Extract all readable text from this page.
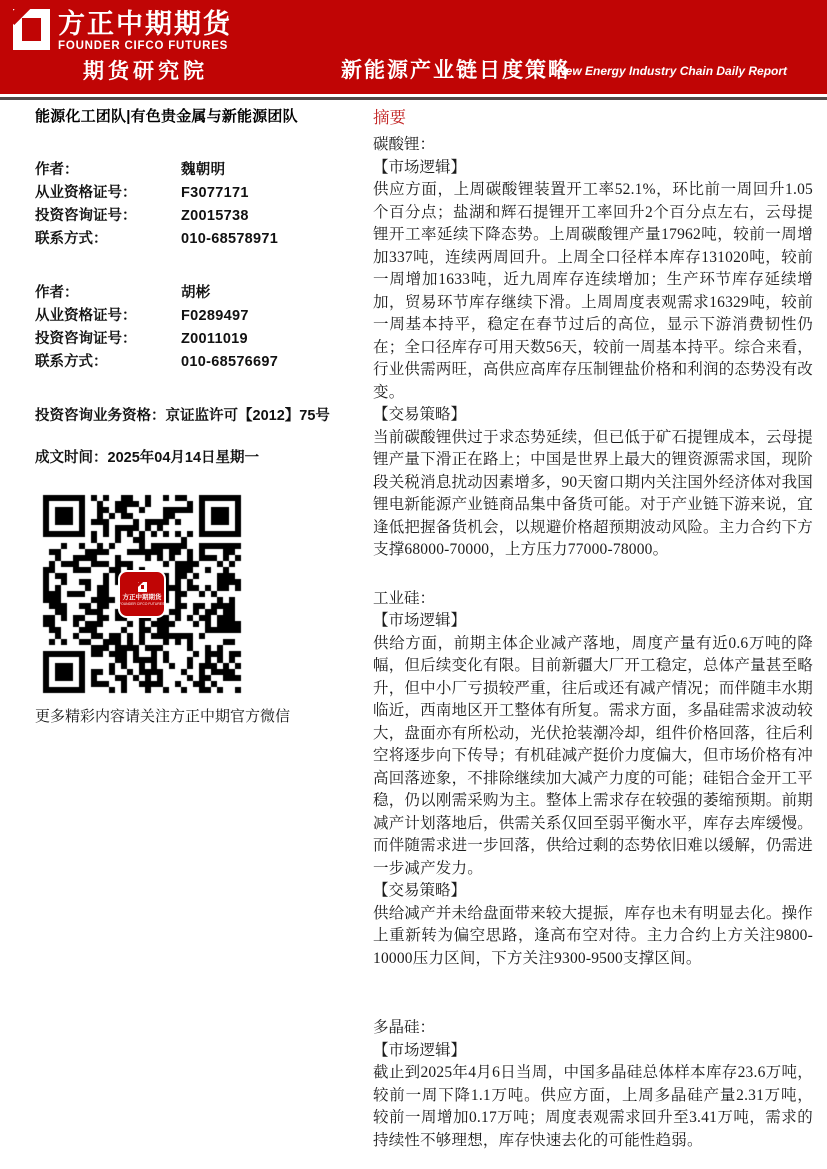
方正中期期货
FOUNDER CIFCO FUTURES
期货研究院	新能源产业链日度策略
New Energy Industry Chain Daily Report
能源化工团队|有色贵金属与新能源团队
作者：	魏朝明
从业资格证号：	F3077171
投资咨询证号：	Z0015738
联系方式：	010-68578971
作者：	胡彬
从业资格证号：	F0289497
投资咨询证号：	Z0011019
联系方式：	010-68576697
投资咨询业务资格：京证监许可【2012】75号
成文时间：2025年04月14日星期一
方正中期期货
FOUNDER CIFCO FUTURES
更多精彩内容请关注方正中期官方微信
摘要
碳酸锂：
【市场逻辑】
供应方面，上周碳酸锂装置开工率52.1%，环比前一周回升1.05个百分点；盐湖和辉石提锂开工率回升2个百分点左右，云母提锂开工率延续下降态势。上周碳酸锂产量17962吨，较前一周增加337吨，连续两周回升。上周全口径样本库存131020吨，较前一周增加1633吨，近九周库存连续增加；生产环节库存延续增加，贸易环节库存继续下滑。上周周度表观需求16329吨，较前一周基本持平，稳定在春节过后的高位，显示下游消费韧性仍在；全口径库存可用天数56天，较前一周基本持平。综合来看，行业供需两旺，高供应高库存压制锂盐价格和利润的态势没有改变。
【交易策略】
当前碳酸锂供过于求态势延续，但已低于矿石提锂成本，云母提锂产量下滑正在路上；中国是世界上最大的锂资源需求国，现阶段关税消息扰动因素增多，90天窗口期内关注国外经济体对我国锂电新能源产业链商品集中备货可能。对于产业链下游来说，宜逢低把握备货机会，以规避价格超预期波动风险。主力合约下方支撑68000-70000，上方压力77000-78000。
工业硅：
【市场逻辑】
供给方面，前期主体企业减产落地，周度产量有近0.6万吨的降幅，但后续变化有限。目前新疆大厂开工稳定，总体产量甚至略升，但中小厂亏损较严重，往后或还有减产情况；而伴随丰水期临近，西南地区开工整体有所复。需求方面，多晶硅需求波动较大，盘面亦有所松动，光伏抢装潮冷却，组件价格回落，往后利空将逐步向下传导；有机硅减产挺价力度偏大，但市场价格有冲高回落迹象，不排除继续加大减产力度的可能；硅铝合金开工平稳，仍以刚需采购为主。整体上需求存在较强的萎缩预期。前期减产计划落地后，供需关系仅回至弱平衡水平，库存去库缓慢。而伴随需求进一步回落，供给过剩的态势依旧难以缓解，仍需进一步减产发力。
【交易策略】
供给减产并未给盘面带来较大提振，库存也未有明显去化。操作上重新转为偏空思路，逢高布空对待。主力合约上方关注9800-10000压力区间，下方关注9300-9500支撑区间。
多晶硅：
【市场逻辑】
截止到2025年4月6日当周，中国多晶硅总体样本库存23.6万吨，较前一周下降1.1万吨。供应方面，上周多晶硅产量2.31万吨，较前一周增加0.17万吨；周度表观需求回升至3.41万吨，需求的持续性不够理想，库存快速去化的可能性趋弱。
